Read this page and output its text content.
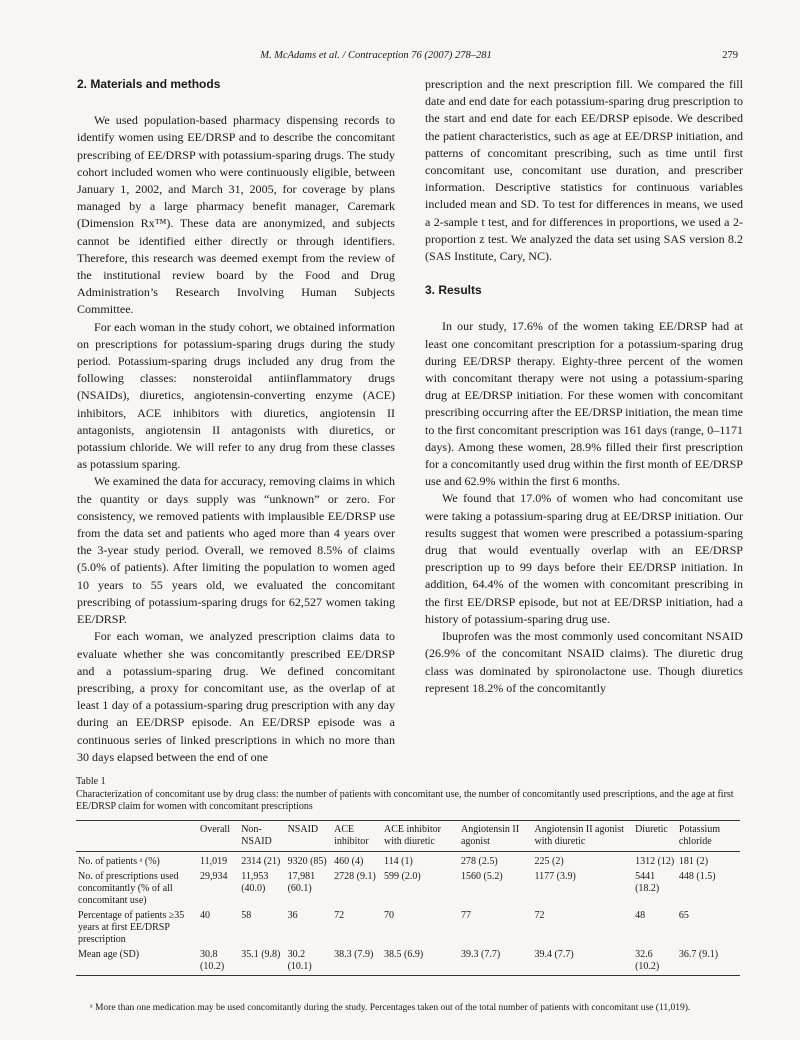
M. McAdams et al. / Contraception 76 (2007) 278–281	279
2. Materials and methods

We used population-based pharmacy dispensing records to identify women using EE/DRSP and to describe the concomitant prescribing of EE/DRSP with potassium-sparing drugs. The study cohort included women who were continuously eligible, between January 1, 2002, and March 31, 2005, for coverage by plans managed by a large pharmacy benefit manager, Caremark (Dimension Rx™). These data are anonymized, and subjects cannot be identified either directly or through identifiers. Therefore, this research was deemed exempt from the review of the institutional review board by the Food and Drug Administration’s Research Involving Human Subjects Committee.

For each woman in the study cohort, we obtained information on prescriptions for potassium-sparing drugs during the study period. Potassium-sparing drugs included any drug from the following classes: nonsteroidal antiinflammatory drugs (NSAIDs), diuretics, angiotensin-converting enzyme (ACE) inhibitors, ACE inhibitors with diuretics, angiotensin II antagonists, angiotensin II antagonists with diuretics, or potassium chloride. We will refer to any drug from these classes as potassium sparing.

We examined the data for accuracy, removing claims in which the quantity or days supply was “unknown” or zero. For consistency, we removed patients with implausible EE/DRSP use from the data set and patients who aged more than 4 years over the 3-year study period. Overall, we removed 8.5% of claims (5.0% of patients). After limiting the population to women aged 10 years to 55 years old, we evaluated the concomitant prescribing of potassium-sparing drugs for 62,527 women taking EE/DRSP.

For each woman, we analyzed prescription claims data to evaluate whether she was concomitantly prescribed EE/DRSP and a potassium-sparing drug. We defined concomitant prescribing, a proxy for concomitant use, as the overlap of at least 1 day of a potassium-sparing drug prescription with any day during an EE/DRSP episode. An EE/DRSP episode was a continuous series of linked prescriptions in which no more than 30 days elapsed between the end of one

prescription and the next prescription fill. We compared the fill date and end date for each potassium-sparing drug prescription to the start and end date for each EE/DRSP episode. We described the patient characteristics, such as age at EE/DRSP initiation, and patterns of concomitant prescribing, such as time until first concomitant use, concomitant use duration, and prescriber information. Descriptive statistics for continuous variables included mean and SD. To test for differences in means, we used a 2-sample t test, and for differences in proportions, we used a 2-proportion z test. We analyzed the data set using SAS version 8.2 (SAS Institute, Cary, NC).

3. Results

In our study, 17.6% of the women taking EE/DRSP had at least one concomitant prescription for a potassium-sparing drug during EE/DRSP therapy. Eighty-three percent of the women with concomitant therapy were not using a potassium-sparing drug at EE/DRSP initiation. For these women with concomitant prescribing occurring after the EE/DRSP initiation, the mean time to the first concomitant prescription was 161 days (range, 0–1171 days). Among these women, 28.9% filled their first prescription for a concomitantly used drug within the first month of EE/DRSP use and 62.9% within the first 6 months.

We found that 17.0% of women who had concomitant use were taking a potassium-sparing drug at EE/DRSP initiation. Our results suggest that women were prescribed a potassium-sparing drug that would eventually overlap with an EE/DRSP prescription up to 99 days before their EE/DRSP initiation. In addition, 64.4% of the women with concomitant prescribing in the first EE/DRSP episode, but not at EE/DRSP initiation, had a history of potassium-sparing drug use.

Ibuprofen was the most commonly used concomitant NSAID (26.9% of the concomitant NSAID claims). The diuretic drug class was dominated by spironolactone use. Though diuretics represent 18.2% of the concomitantly

Table 1
Characterization of concomitant use by drug class: the number of patients with concomitant use, the number of concomitantly used prescriptions, and the age at first EE/DRSP claim for women with concomitant prescriptions
	Overall	Non-NSAID	NSAID	ACE inhibitor	ACE inhibitor with diuretic	Angiotensin II agonist	Angiotensin II agonist with diuretic	Diuretic	Potassium chloride
No. of patients ᵃ (%)	11,019	2314 (21)	9320 (85)	460 (4)	114 (1)	278 (2.5)	225 (2)	1312 (12)	181 (2)
No. of prescriptions used concomitantly (% of all concomitant use)	29,934	11,953 (40.0)	17,981 (60.1)	2728 (9.1)	599 (2.0)	1560 (5.2)	1177 (3.9)	5441 (18.2)	448 (1.5)
Percentage of patients ≥35 years at first EE/DRSP prescription	40	58	36	72	70	77	72	48	65
Mean age (SD)	30.8 (10.2)	35.1 (9.8)	30.2 (10.1)	38.3 (7.9)	38.5 (6.9)	39.3 (7.7)	39.4 (7.7)	32.6 (10.2)	36.7 (9.1)
ᵃ More than one medication may be used concomitantly during the study. Percentages taken out of the total number of patients with concomitant use (11,019).
